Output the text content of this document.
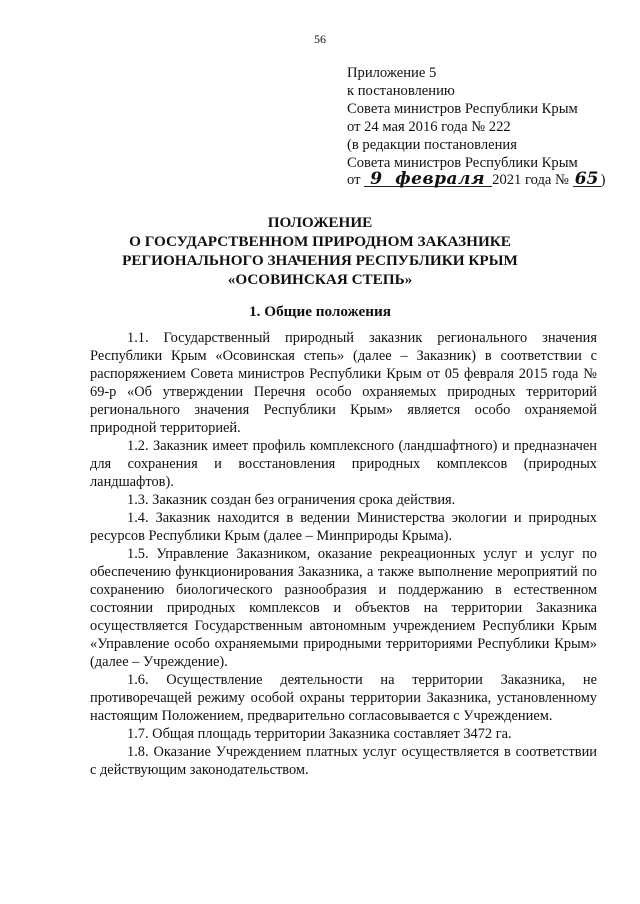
56
Приложение 5
к постановлению
Совета министров Республики Крым
от 24 мая 2016 года № 222
(в редакции постановления
Совета министров Республики Крым
от 9 февраля 2021 года № 65 )
ПОЛОЖЕНИЕ
О ГОСУДАРСТВЕННОМ ПРИРОДНОМ ЗАКАЗНИКЕ
РЕГИОНАЛЬНОГО ЗНАЧЕНИЯ РЕСПУБЛИКИ КРЫМ
«ОСОВИНСКАЯ СТЕПЬ»
1. Общие положения

1.1. Государственный природный заказник регионального значения Республики Крым «Осовинская степь» (далее – Заказник) в соответствии с распоряжением Совета министров Республики Крым от 05 февраля 2015 года № 69-р «Об утверждении Перечня особо охраняемых природных территорий регионального значения Республики Крым» является особо охраняемой природной территорией.

1.2. Заказник имеет профиль комплексного (ландшафтного) и предназначен для сохранения и восстановления природных комплексов (природных ландшафтов).

1.3. Заказник создан без ограничения срока действия.

1.4. Заказник находится в ведении Министерства экологии и природных ресурсов Республики Крым (далее – Минприроды Крыма).

1.5. Управление Заказником, оказание рекреационных услуг и услуг по обеспечению функционирования Заказника, а также выполнение мероприятий по сохранению биологического разнообразия и поддержанию в естественном состоянии природных комплексов и объектов на территории Заказника осуществляется Государственным автономным учреждением Республики Крым «Управление особо охраняемыми природными территориями Республики Крым» (далее – Учреждение).

1.6. Осуществление деятельности на территории Заказника, не противоречащей режиму особой охраны территории Заказника, установленному настоящим Положением, предварительно согласовывается с Учреждением.

1.7. Общая площадь территории Заказника составляет 3472 га.

1.8. Оказание Учреждением платных услуг осуществляется в соответствии с действующим законодательством.
